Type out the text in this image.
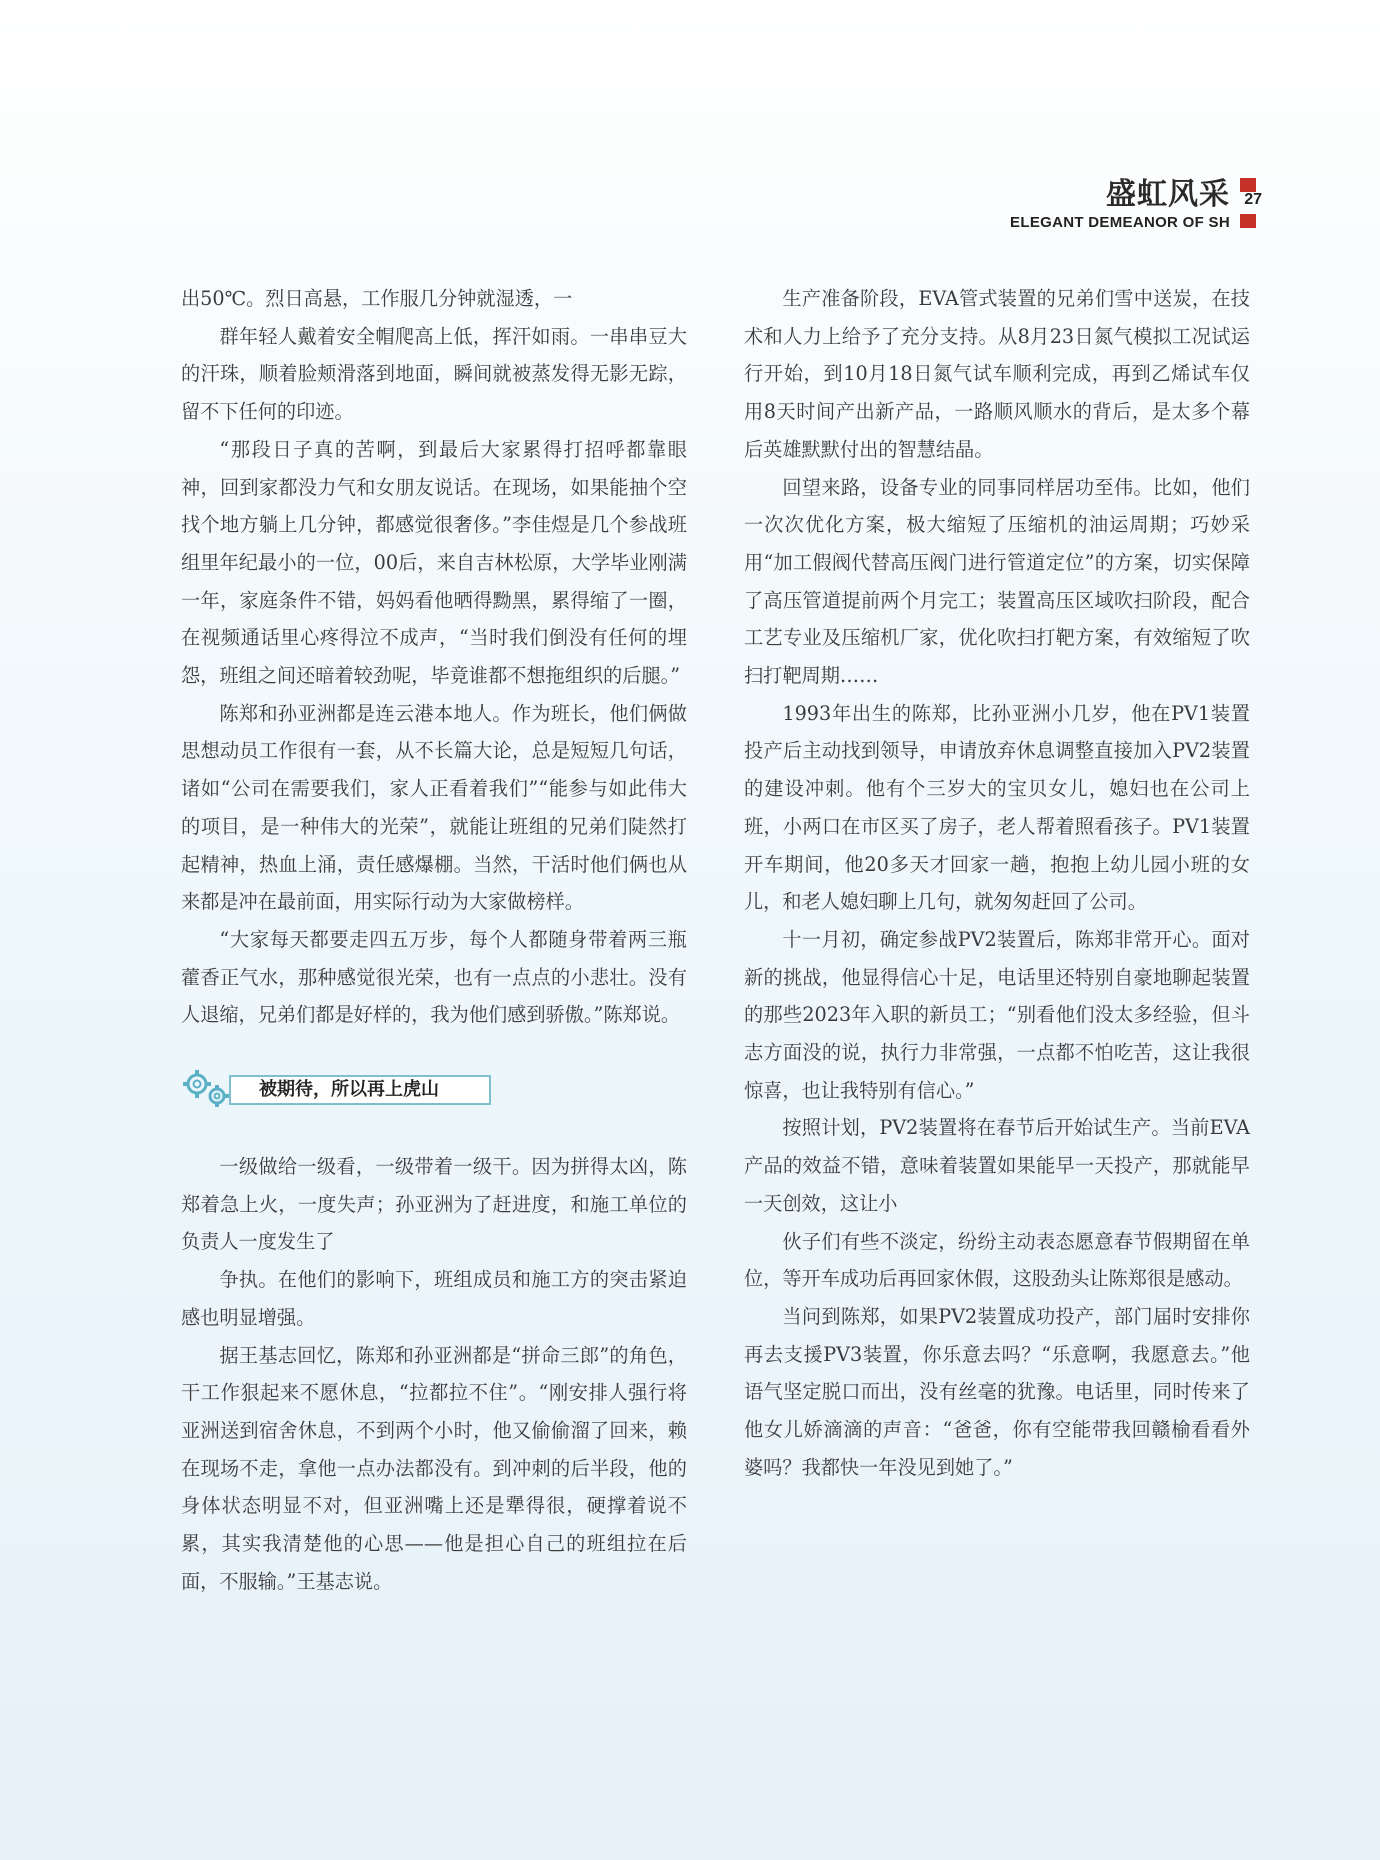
盛虹风采
ELEGANT DEMEANOR OF SH
27

出50℃。烈日高悬，工作服几分钟就湿透，一

群年轻人戴着安全帽爬高上低，挥汗如雨。一串串豆大的汗珠，顺着脸颊滑落到地面，瞬间就被蒸发得无影无踪，留不下任何的印迹。

“那段日子真的苦啊，到最后大家累得打招呼都靠眼神，回到家都没力气和女朋友说话。在现场，如果能抽个空找个地方躺上几分钟，都感觉很奢侈。”李佳煜是几个参战班组里年纪最小的一位，00后，来自吉林松原，大学毕业刚满一年，家庭条件不错，妈妈看他晒得黝黑，累得缩了一圈，在视频通话里心疼得泣不成声，“当时我们倒没有任何的埋怨，班组之间还暗着较劲呢，毕竟谁都不想拖组织的后腿。”

陈郑和孙亚洲都是连云港本地人。作为班长，他们俩做思想动员工作很有一套，从不长篇大论，总是短短几句话，诸如“公司在需要我们，家人正看着我们”“能参与如此伟大的项目，是一种伟大的光荣”，就能让班组的兄弟们陡然打起精神，热血上涌，责任感爆棚。当然，干活时他们俩也从来都是冲在最前面，用实际行动为大家做榜样。

“大家每天都要走四五万步，每个人都随身带着两三瓶藿香正气水，那种感觉很光荣，也有一点点的小悲壮。没有人退缩，兄弟们都是好样的，我为他们感到骄傲。”陈郑说。

被期待，所以再上虎山

一级做给一级看，一级带着一级干。因为拼得太凶，陈郑着急上火，一度失声；孙亚洲为了赶进度，和施工单位的负责人一度发生了

争执。在他们的影响下，班组成员和施工方的突击紧迫感也明显增强。

据王基志回忆，陈郑和孙亚洲都是“拼命三郎”的角色，干工作狠起来不愿休息，“拉都拉不住”。“刚安排人强行将亚洲送到宿舍休息，不到两个小时，他又偷偷溜了回来，赖在现场不走，拿他一点办法都没有。到冲刺的后半段，他的身体状态明显不对，但亚洲嘴上还是犟得很，硬撑着说不累，其实我清楚他的心思——他是担心自己的班组拉在后面，不服输。”王基志说。

生产准备阶段，EVA管式装置的兄弟们雪中送炭，在技术和人力上给予了充分支持。从8月23日氮气模拟工况试运行开始，到10月18日氮气试车顺利完成，再到乙烯试车仅用8天时间产出新产品，一路顺风顺水的背后，是太多个幕后英雄默默付出的智慧结晶。

回望来路，设备专业的同事同样居功至伟。比如，他们一次次优化方案，极大缩短了压缩机的油运周期；巧妙采用“加工假阀代替高压阀门进行管道定位”的方案，切实保障了高压管道提前两个月完工；装置高压区域吹扫阶段，配合工艺专业及压缩机厂家，优化吹扫打靶方案，有效缩短了吹扫打靶周期……

1993年出生的陈郑，比孙亚洲小几岁，他在PV1装置投产后主动找到领导，申请放弃休息调整直接加入PV2装置的建设冲刺。他有个三岁大的宝贝女儿，媳妇也在公司上班，小两口在市区买了房子，老人帮着照看孩子。PV1装置开车期间，他20多天才回家一趟，抱抱上幼儿园小班的女儿，和老人媳妇聊上几句，就匆匆赶回了公司。

十一月初，确定参战PV2装置后，陈郑非常开心。面对新的挑战，他显得信心十足，电话里还特别自豪地聊起装置的那些2023年入职的新员工；“别看他们没太多经验，但斗志方面没的说，执行力非常强，一点都不怕吃苦，这让我很惊喜，也让我特别有信心。”

按照计划，PV2装置将在春节后开始试生产。当前EVA产品的效益不错，意味着装置如果能早一天投产，那就能早一天创效，这让小

伙子们有些不淡定，纷纷主动表态愿意春节假期留在单位，等开车成功后再回家休假，这股劲头让陈郑很是感动。

当问到陈郑，如果PV2装置成功投产，部门届时安排你再去支援PV3装置，你乐意去吗？“乐意啊，我愿意去。”他语气坚定脱口而出，没有丝毫的犹豫。电话里，同时传来了他女儿娇滴滴的声音：“爸爸，你有空能带我回赣榆看看外婆吗？我都快一年没见到她了。”
